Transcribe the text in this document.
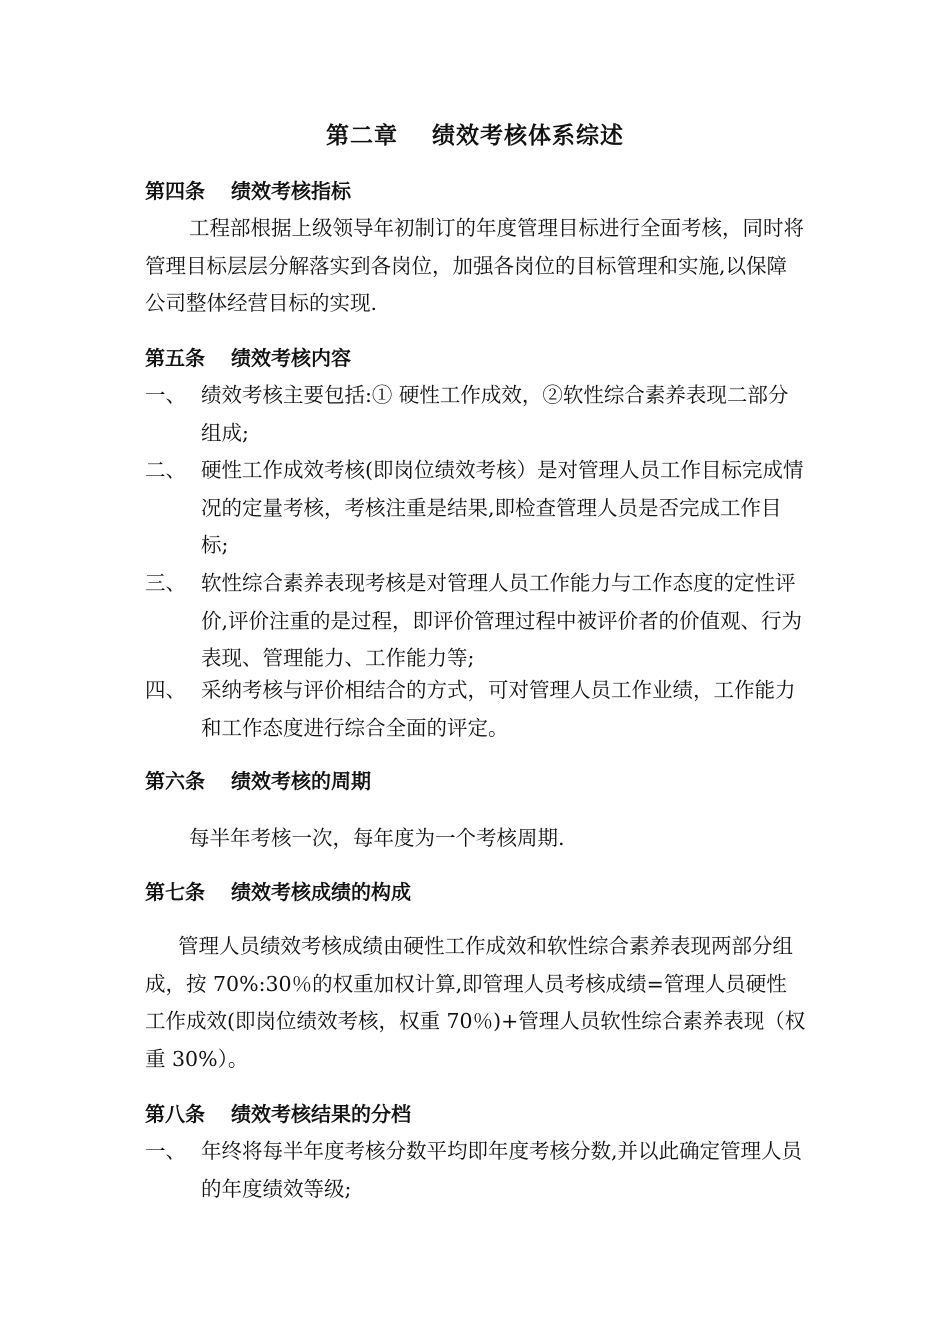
第二章 绩效考核体系综述
第四条 绩效考核指标
工程部根据上级领导年初制订的年度管理目标进行全面考核，同时将管理目标层层分解落实到各岗位，加强各岗位的目标管理和实施,以保障公司整体经营目标的实现.
第五条 绩效考核内容
一、 绩效考核主要包括:① 硬性工作成效，②软性综合素养表现二部分组成;
二、 硬性工作成效考核(即岗位绩效考核）是对管理人员工作目标完成情况的定量考核，考核注重是结果,即检查管理人员是否完成工作目标;
三、 软性综合素养表现考核是对管理人员工作能力与工作态度的定性评价,评价注重的是过程，即评价管理过程中被评价者的价值观、行为表现、管理能力、工作能力等;
四、 采纳考核与评价相结合的方式，可对管理人员工作业绩，工作能力和工作态度进行综合全面的评定。
第六条 绩效考核的周期
每半年考核一次，每年度为一个考核周期.
第七条 绩效考核成绩的构成
管理人员绩效考核成绩由硬性工作成效和软性综合素养表现两部分组成，按 70%:30％的权重加权计算,即管理人员考核成绩=管理人员硬性工作成效(即岗位绩效考核，权重 70％)+管理人员软性综合素养表现（权重 30%）。
第八条 绩效考核结果的分档
一、 年终将每半年度考核分数平均即年度考核分数,并以此确定管理人员的年度绩效等级;
